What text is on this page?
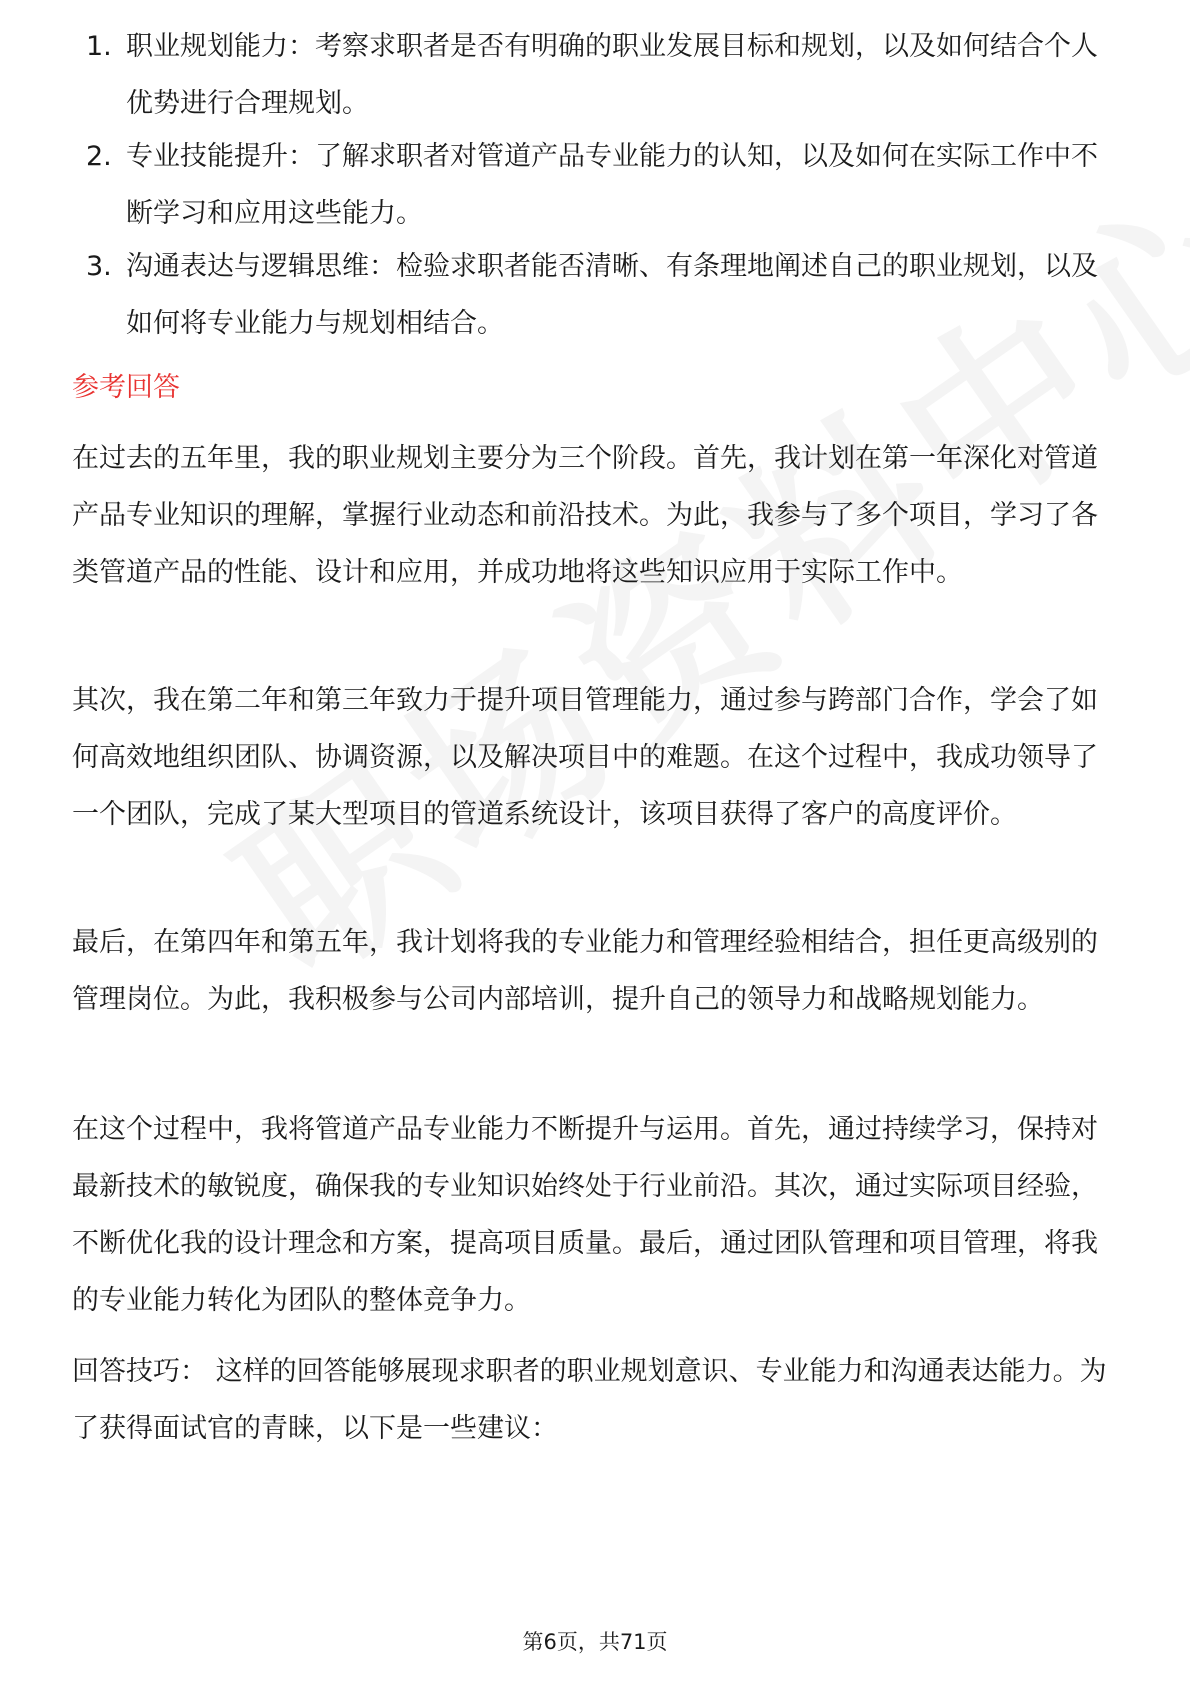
1. 职业规划能力：考察求职者是否有明确的职业发展目标和规划，以及如何结合个人优势进行合理规划。
2. 专业技能提升：了解求职者对管道产品专业能力的认知，以及如何在实际工作中不断学习和应用这些能力。
3. 沟通表达与逻辑思维：检验求职者能否清晰、有条理地阐述自己的职业规划，以及如何将专业能力与规划相结合。
参考回答

在过去的五年里，我的职业规划主要分为三个阶段。首先，我计划在第一年深化对管道产品专业知识的理解，掌握行业动态和前沿技术。为此，我参与了多个项目，学习了各类管道产品的性能、设计和应用，并成功地将这些知识应用于实际工作中。

其次，我在第二年和第三年致力于提升项目管理能力，通过参与跨部门合作，学会了如何高效地组织团队、协调资源，以及解决项目中的难题。在这个过程中，我成功领导了一个团队，完成了某大型项目的管道系统设计，该项目获得了客户的高度评价。

最后，在第四年和第五年，我计划将我的专业能力和管理经验相结合，担任更高级别的管理岗位。为此，我积极参与公司内部培训，提升自己的领导力和战略规划能力。

在这个过程中，我将管道产品专业能力不断提升与运用。首先，通过持续学习，保持对最新技术的敏锐度，确保我的专业知识始终处于行业前沿。其次，通过实际项目经验，不断优化我的设计理念和方案，提高项目质量。最后，通过团队管理和项目管理，将我的专业能力转化为团队的整体竞争力。

回答技巧： 这样的回答能够展现求职者的职业规划意识、专业能力和沟通表达能力。为了获得面试官的青睐，以下是一些建议：

第6页，共71页
